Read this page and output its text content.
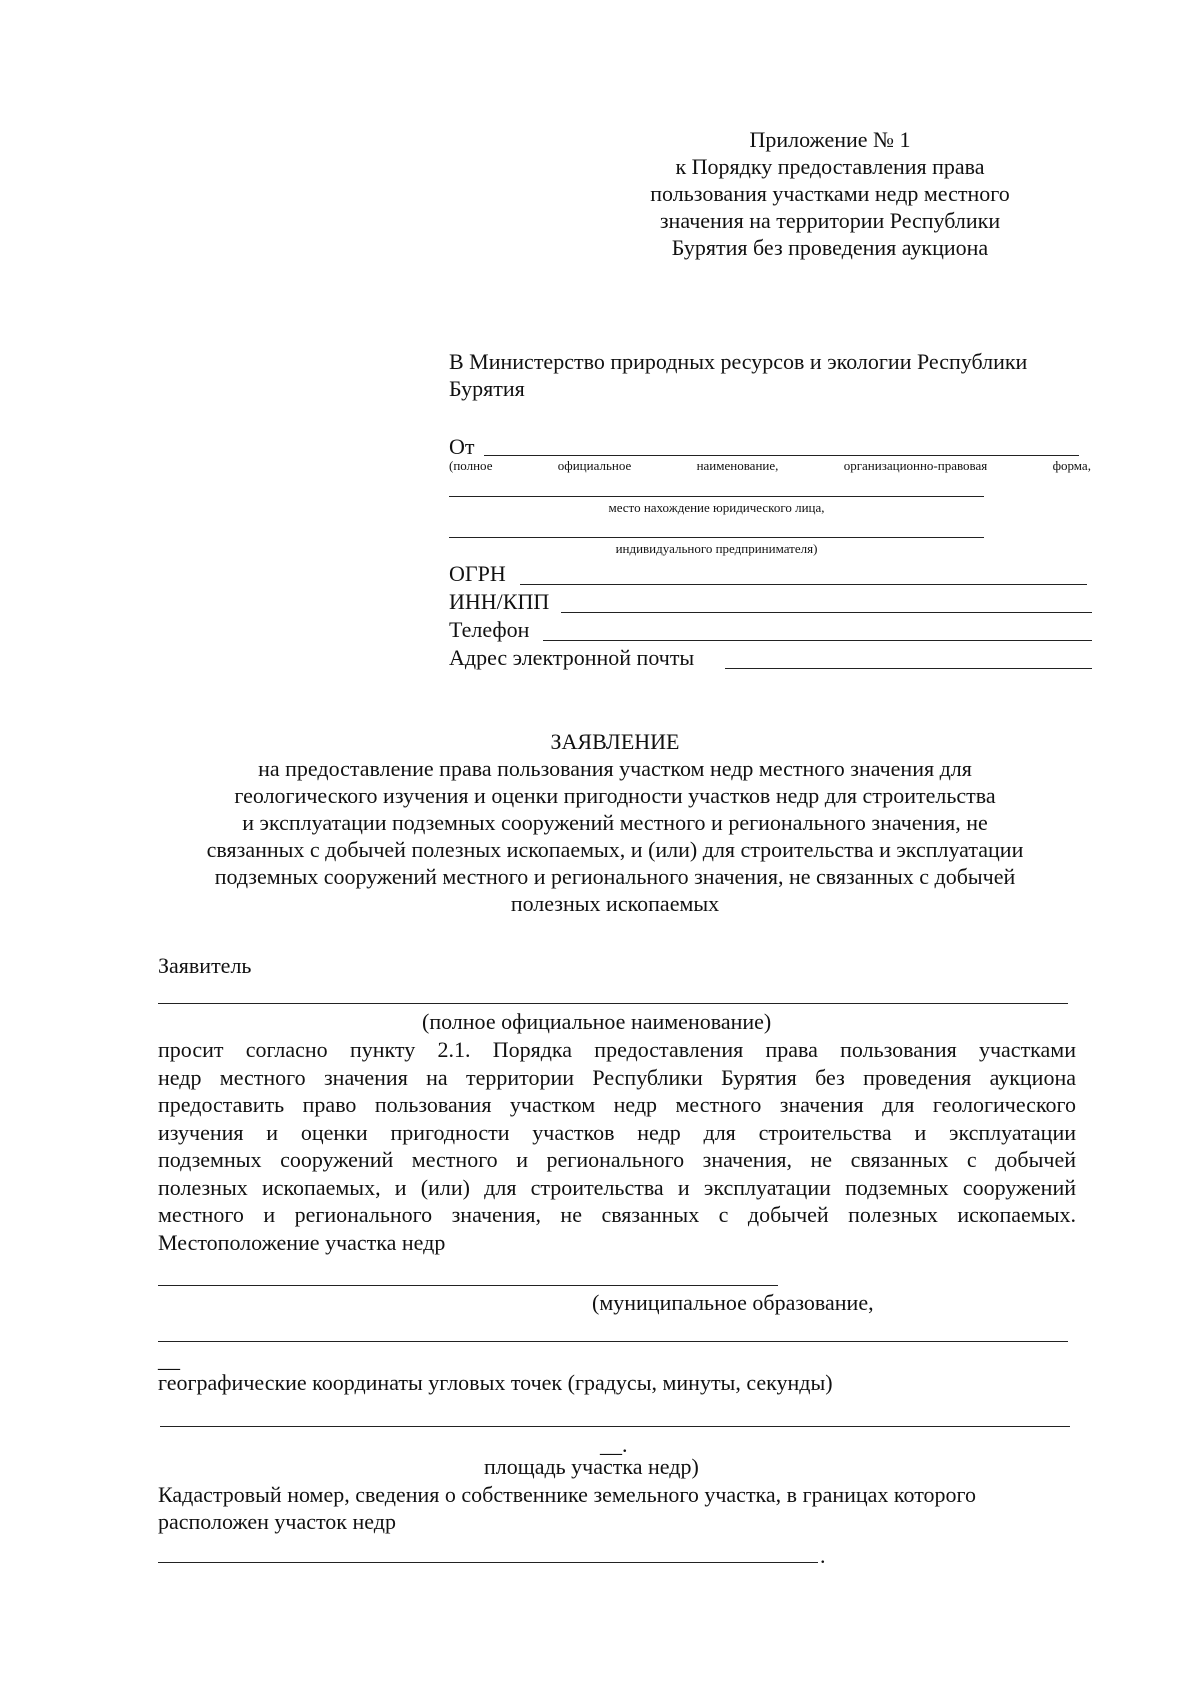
Приложение № 1
к Порядку предоставления права
пользования участками недр местного
значения на территории Республики
Бурятия без проведения аукциона
В Министерство природных ресурсов и экологии Республики
Бурятия
От
(полное	официальное	наименование,	организационно-правовая	форма,
место нахождение юридического лица,
индивидуального предпринимателя)
ОГРН
ИНН/КПП
Телефон
Адрес электронной почты
ЗАЯВЛЕНИЕ
на предоставление права пользования участком недр местного значения для
геологического изучения и оценки пригодности участков недр для строительства
и эксплуатации подземных сооружений местного и регионального значения, не
связанных с добычей полезных ископаемых, и (или) для строительства и эксплуатации
подземных сооружений местного и регионального значения, не связанных с добычей
полезных ископаемых
Заявитель
(полное официальное наименование)
просит согласно пункту 2.1. Порядка предоставления права пользования участками
недр местного значения на территории Республики Бурятия без проведения аукциона
предоставить право пользования участком недр местного значения для геологического
изучения и оценки пригодности участков недр для строительства и эксплуатации
подземных сооружений местного и регионального значения, не связанных с добычей
полезных ископаемых, и (или) для строительства и эксплуатации подземных сооружений
местного и регионального значения, не связанных с добычей полезных ископаемых.
Местоположение участка недр
(муниципальное образование,
__
географические координаты угловых точек (градусы, минуты, секунды)
__.
площадь участка недр)
Кадастровый номер, сведения о собственнике земельного участка, в границах которого
расположен участок недр
.
